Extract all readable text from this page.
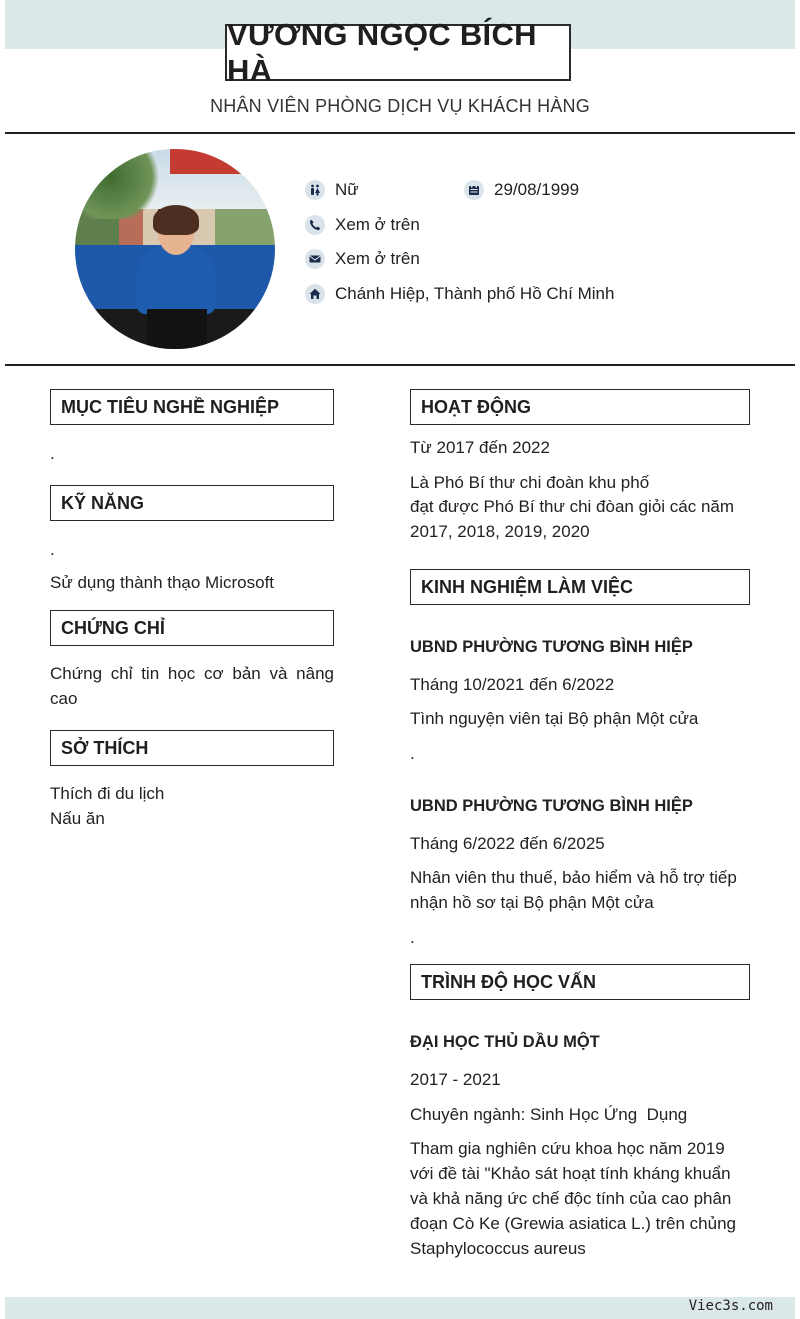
VƯƠNG NGỌC BÍCH HÀ
NHÂN VIÊN PHÒNG DỊCH VỤ KHÁCH HÀNG
Nữ	29/08/1999
Xem ở trên
Xem ở trên
Chánh Hiệp, Thành phố Hồ Chí Minh
MỤC TIÊU NGHỀ NGHIỆP
.
KỸ NĂNG
.
Sử dụng thành thạo Microsoft
CHỨNG CHỈ
Chứng chỉ tin học cơ bản và nâng cao
SỞ THÍCH
Thích đi du lịch
Nấu ăn
HOẠT ĐỘNG
Từ 2017 đến 2022
Là Phó Bí thư chi đoàn khu phố
đạt được Phó Bí thư chi đòan giỏi các năm 2017, 2018, 2019, 2020
KINH NGHIỆM LÀM VIỆC
UBND PHƯỜNG TƯƠNG BÌNH HIỆP
Tháng 10/2021 đến 6/2022
Tình nguyện viên tại Bộ phận Một cửa
.
UBND PHƯỜNG TƯƠNG BÌNH HIỆP
Tháng 6/2022 đến 6/2025
Nhân viên thu thuế, bảo hiểm và hỗ trợ tiếp nhận hồ sơ tại Bộ phận Một cửa
.
TRÌNH ĐỘ HỌC VẤN
ĐẠI HỌC THỦ DẦU MỘT
2017 - 2021
Chuyên ngành: Sinh Học Ứng  Dụng
Tham gia nghiên cứu khoa học năm 2019 với đề tài "Khảo sát hoạt tính kháng khuẩn và khả năng ức chế độc tính của cao phân đoạn Cò Ke (Grewia asiatica L.) trên chủng Staphylococcus aureus
Viec3s.com
